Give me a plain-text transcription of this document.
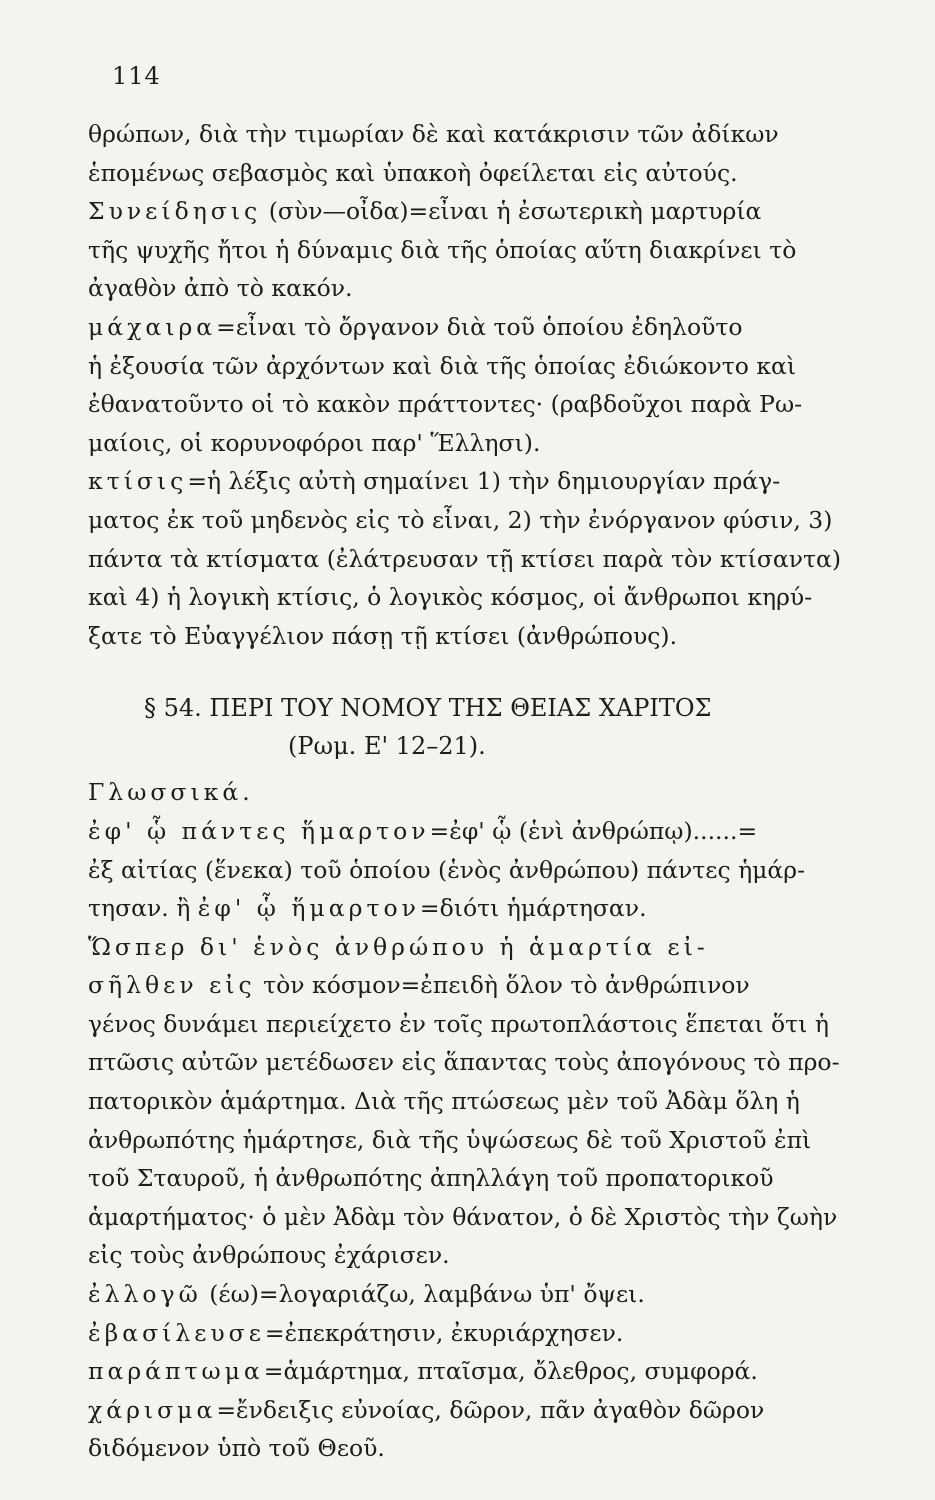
114
θρώπων, διὰ τὴν τιμωρίαν δὲ καὶ κατάκρισιν τῶν ἀδίκων
ἑπομένως σεβασμὸς καὶ ὑπακοὴ ὀφείλεται εἰς αὐτούς.
Συνείδησις (σὺν—οἶδα)=εἶναι ἡ ἐσωτερικὴ μαρτυρία
τῆς ψυχῆς ἤτοι ἡ δύναμις διὰ τῆς ὁποίας αὕτη διακρίνει τὸ
ἀγαθὸν ἀπὸ τὸ κακόν.
μάχαιρα=εἶναι τὸ ὄργανον διὰ τοῦ ὁποίου ἐδηλοῦτο
ἡ ἐξουσία τῶν ἀρχόντων καὶ διὰ τῆς ὁποίας ἐδιώκοντο καὶ
ἐθανατοῦντο οἱ τὸ κακὸν πράττοντες· (ραβδοῦχοι παρὰ Ρω-
μαίοις, οἱ κορυνοφόροι παρ' Ἕλλησι).
κτίσις=ἡ λέξις αὐτὴ σημαίνει 1) τὴν δημιουργίαν πράγ-
ματος ἐκ τοῦ μηδενὸς εἰς τὸ εἶναι, 2) τὴν ἐνόργανον φύσιν, 3)
πάντα τὰ κτίσματα (ἐλάτρευσαν τῇ κτίσει παρὰ τὸν κτίσαντα)
καὶ 4) ἡ λογικὴ κτίσις, ὁ λογικὸς κόσμος, οἱ ἄνθρωποι κηρύ-
ξατε τὸ Εὐαγγέλιον πάσῃ τῇ κτίσει (ἀνθρώπους).
§ 54. ΠΕΡΙ ΤΟΥ ΝΟΜΟΥ ΤΗΣ ΘΕΙΑΣ ΧΑΡΙΤΟΣ
(Ρωμ. Ε' 12–21).
Γλωσσικά.
ἐφ' ᾧ πάντες ἥμαρτον=ἐφ' ᾧ (ἑνὶ ἀνθρώπῳ)......=
ἐξ αἰτίας (ἕνεκα) τοῦ ὁποίου (ἑνὸς ἀνθρώπου) πάντες ἡμάρ-
τησαν. ἢ ἐφ' ᾧ ἥμαρτον=διότι ἡμάρτησαν.
Ὥσπερ δι' ἑνὸς ἀνθρώπου ἡ ἁμαρτία εἰ-
σῆλθεν εἰς τὸν κόσμον=ἐπειδὴ ὅλον τὸ ἀνθρώπινον
γένος δυνάμει περιείχετο ἐν τοῖς πρωτοπλάστοις ἕπεται ὅτι ἡ
πτῶσις αὐτῶν μετέδωσεν εἰς ἅπαντας τοὺς ἀπογόνους τὸ προ-
πατορικὸν ἁμάρτημα. Διὰ τῆς πτώσεως μὲν τοῦ Ἀδὰμ ὅλη ἡ
ἀνθρωπότης ἡμάρτησε, διὰ τῆς ὑψώσεως δὲ τοῦ Χριστοῦ ἐπὶ
τοῦ Σταυροῦ, ἡ ἀνθρωπότης ἀπηλλάγη τοῦ προπατορικοῦ
ἁμαρτήματος· ὁ μὲν Ἀδὰμ τὸν θάνατον, ὁ δὲ Χριστὸς τὴν ζωὴν
εἰς τοὺς ἀνθρώπους ἐχάρισεν.
ἐλλογῶ (έω)=λογαριάζω, λαμβάνω ὑπ' ὄψει.
ἐβασίλευσε=ἐπεκράτησιν, ἐκυριάρχησεν.
παράπτωμα=ἁμάρτημα, πταῖσμα, ὄλεθρος, συμφορά.
χάρισμα=ἔνδειξις εὐνοίας, δῶρον, πᾶν ἀγαθὸν δῶρον
διδόμενον ὑπὸ τοῦ Θεοῦ.
